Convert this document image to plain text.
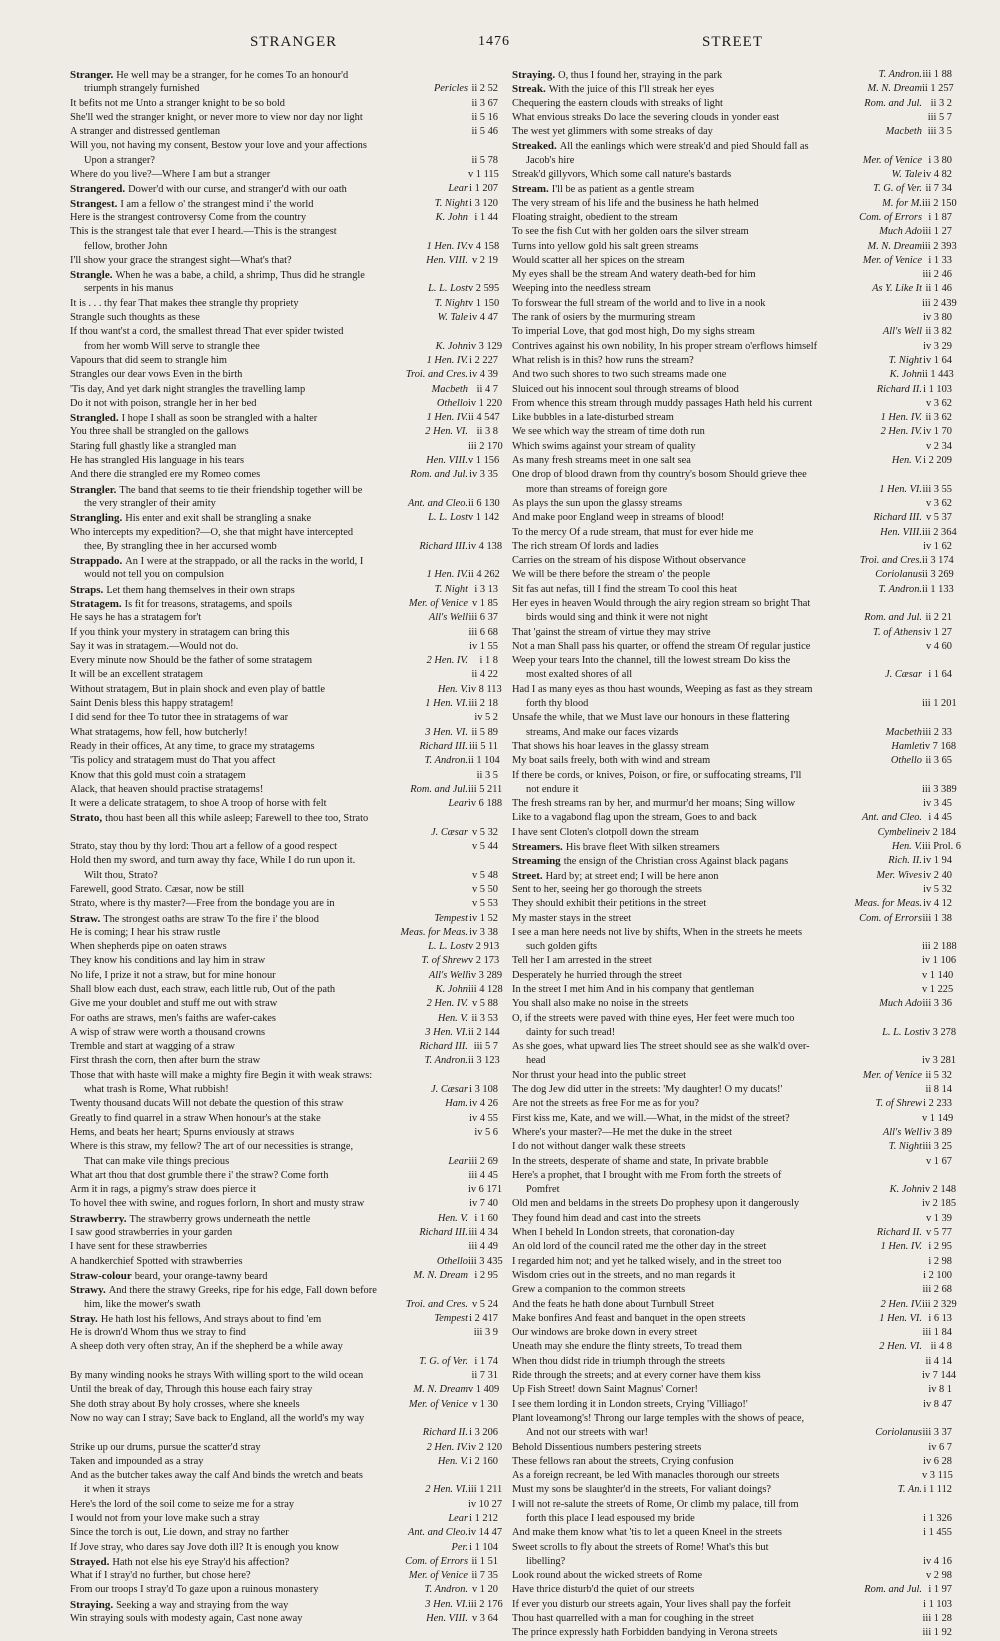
STRANGER	1476	STREET
Stranger. He well may be a stranger, for he comes To an honour'd
triumph strangely furnished	Pericles ii 2 52
It befits not me Unto a stranger knight to be so bold	ii 3 67
She'll wed the stranger knight, or never more to view nor day nor light	ii 5 16
A stranger and distressed gentleman	ii 5 46
Will you, not having my consent, Bestow your love and your affections
Upon a stranger?	ii 5 78
Where do you live?—Where I am but a stranger	v 1 115
Strangered. Dower'd with our curse, and stranger'd with our oath	Lear i 1 207
Strangest. I am a fellow o' the strangest mind i' the world	T. Night i 3 120
Here is the strangest controversy Come from the country	K. John i 1 44
This is the strangest tale that ever I heard.—This is the strangest
fellow, brother John	1 Hen. IV. v 4 158
I'll show your grace the strangest sight—What's that?	Hen. VIII. v 2 19
Strangle. When he was a babe, a child, a shrimp, Thus did he strangle
serpents in his manus	L. L. Lost v 2 595
It is . . . thy fear That makes thee strangle thy propriety	T. Night v 1 150
Strangle such thoughts as these	W. Tale iv 4 47
If thou want'st a cord, the smallest thread That ever spider twisted
from her womb Will serve to strangle thee	K. John iv 3 129
Vapours that did seem to strangle him	1 Hen. IV. i 2 227
Strangles our dear vows Even in the birth	Troi. and Cres. iv 4 39
'Tis day, And yet dark night strangles the travelling lamp	Macbeth ii 4 7
Do it not with poison, strangle her in her bed	Othello iv 1 220
Strangled. I hope I shall as soon be strangled with a halter	1 Hen. IV. ii 4 547
You three shall be strangled on the gallows	2 Hen. VI. ii 3 8
Staring full ghastly like a strangled man	iii 2 170
He has strangled His language in his tears	Hen. VIII. v 1 156
And there die strangled ere my Romeo comes	Rom. and Jul. iv 3 35
Strangler. The band that seems to tie their friendship together will be
the very strangler of their amity	Ant. and Cleo. ii 6 130
Strangling. His enter and exit shall be strangling a snake	L. L. Lost v 1 142
Who intercepts my expedition?—O, she that might have intercepted
thee, By strangling thee in her accursed womb	Richard III. iv 4 138
Strappado. An I were at the strappado, or all the racks in the world, I
would not tell you on compulsion	1 Hen. IV. ii 4 262
Straps. Let them hang themselves in their own straps	T. Night i 3 13
Stratagem. Is fit for treasons, stratagems, and spoils	Mer. of Venice v 1 85
He says he has a stratagem for't	All's Well iii 6 37
If you think your mystery in stratagem can bring this	iii 6 68
Say it was in stratagem.—Would not do.	iv 1 55
Every minute now Should be the father of some stratagem	2 Hen. IV.	i 1 8
It will be an excellent stratagem	ii 4 22
Without stratagem, But in plain shock and even play of battle	Hen. V. iv 8 113
Saint Denis bless this happy stratagem!	1 Hen. VI. iii 2 18
I did send for thee To tutor thee in stratagems of war	iv 5 2
What stratagems, how fell, how butcherly!	3 Hen. VI. ii 5 89
Ready in their offices, At any time, to grace my stratagems	Richard III. iii 5 11
'Tis policy and stratagem must do That you affect	T. Andron. ii 1 104
Know that this gold must coin a stratagem	ii 3 5
Alack, that heaven should practise stratagems!	Rom. and Jul. iii 5 211
It were a delicate stratagem, to shoe A troop of horse with felt	Lear iv 6 188
Strato, thou hast been all this while asleep; Farewell to thee too, Strato
J. Cæsar v 5 32
Strato, stay thou by thy lord: Thou art a fellow of a good respect	v 5 44
Hold then my sword, and turn away thy face, While I do run upon it.
Wilt thou, Strato?	v 5 48
Farewell, good Strato. Cæsar, now be still	v 5 50
Strato, where is thy master?—Free from the bondage you are in	v 5 53
Straw. The strongest oaths are straw To the fire i' the blood	Tempest iv 1 52
He is coming; I hear his straw rustle	Meas. for Meas. iv 3 38
When shepherds pipe on oaten straws	L. L. Lost v 2 913
They know his conditions and lay him in straw	T. of Shrew v 2 173
No life, I prize it not a straw, but for mine honour	All's Well iv 3 289
Shall blow each dust, each straw, each little rub, Out of the path	K. John iii 4 128
Give me your doublet and stuff me out with straw	2 Hen. IV. v 5 88
For oaths are straws, men's faiths are wafer-cakes	Hen. V. ii 3 53
A wisp of straw were worth a thousand crowns	3 Hen. VI. ii 2 144
Tremble and start at wagging of a straw	Richard III. iii 5 7
First thrash the corn, then after burn the straw	T. Andron. ii 3 123
Those that with haste will make a mighty fire Begin it with weak straws:
what trash is Rome, What rubbish!	J. Cæsar i 3 108
Twenty thousand ducats Will not debate the question of this straw	Ham. iv 4 26
Greatly to find quarrel in a straw When honour's at the stake	iv 4 55
Hems, and beats her heart; Spurns enviously at straws	iv 5 6
Where is this straw, my fellow? The art of our necessities is strange,
That can make vile things precious	Lear iii 2 69
What art thou that dost grumble there i' the straw? Come forth	iii 4 45
Arm it in rags, a pigmy's straw does pierce it	iv 6 171
To hovel thee with swine, and rogues forlorn, In short and musty straw	iv 7 40
Strawberry. The strawberry grows underneath the nettle	Hen. V. i 1 60
I saw good strawberries in your garden	Richard III. iii 4 34
I have sent for these strawberries	iii 4 49
A handkerchief Spotted with strawberries	Othello iii 3 435
Straw-colour beard, your orange-tawny beard	M. N. Dream i 2 95
Strawy. And there the strawy Greeks, ripe for his edge, Fall down before
him, like the mower's swath	Troi. and Cres. v 5 24
Stray. He hath lost his fellows, And strays about to find 'em	Tempest i 2 417
He is drown'd Whom thus we stray to find	iii 3 9
A sheep doth very often stray, An if the shepherd be a while away
T. G. of Ver. i 1 74
By many winding nooks he strays With willing sport to the wild ocean	ii 7 31
Until the break of day, Through this house each fairy stray	M. N. Dream v 1 409
She doth stray about By holy crosses, where she kneels	Mer. of Venice v 1 30
Now no way can I stray; Save back to England, all the world's my way
Richard II. i 3 206
Strike up our drums, pursue the scatter'd stray	2 Hen. IV. iv 2 120
Taken and impounded as a stray	Hen. V. i 2 160
And as the butcher takes away the calf And binds the wretch and beats
it when it strays	2 Hen. VI. iii 1 211
Here's the lord of the soil come to seize me for a stray	iv 10 27
I would not from your love make such a stray	Lear i 1 212
Since the torch is out, Lie down, and stray no farther	Ant. and Cleo. iv 14 47
If Jove stray, who dares say Jove doth ill? It is enough you know	Per. i 1 104
Strayed. Hath not else his eye Stray'd his affection?	Com. of Errors ii 1 51
What if I stray'd no further, but chose here?	Mer. of Venice ii 7 35
From our troops I stray'd To gaze upon a ruinous monastery	T. Andron. v 1 20
Straying. Seeking a way and straying from the way	3 Hen. VI. iii 2 176
Win straying souls with modesty again, Cast none away	Hen. VIII. v 3 64
Straying. O, thus I found her, straying in the park	T. Andron. iii 1 88
Streak. With the juice of this I'll streak her eyes	M. N. Dream ii 1 257
Chequering the eastern clouds with streaks of light	Rom. and Jul. ii 3 2
What envious streaks Do lace the severing clouds in yonder east	iii 5 7
The west yet glimmers with some streaks of day	Macbeth iii 3 5
Streaked. All the eanlings which were streak'd and pied Should fall as
Jacob's hire	Mer. of Venice i 3 80
Streak'd gillyvors, Which some call nature's bastards	W. Tale iv 4 82
Stream. I'll be as patient as a gentle stream	T. G. of Ver. ii 7 34
The very stream of his life and the business he hath helmed	M. for M. iii 2 150
Floating straight, obedient to the stream	Com. of Errors i 1 87
To see the fish Cut with her golden oars the silver stream	Much Ado iii 1 27
Turns into yellow gold his salt green streams	M. N. Dream iii 2 393
Would scatter all her spices on the stream	Mer. of Venice i 1 33
My eyes shall be the stream And watery death-bed for him	iii 2 46
Weeping into the needless stream	As Y. Like It ii 1 46
To forswear the full stream of the world and to live in a nook	iii 2 439
The rank of osiers by the murmuring stream	iv 3 80
To imperial Love, that god most high, Do my sighs stream	All's Well ii 3 82
Contrives against his own nobility, In his proper stream o'erflows himself	iv 3 29
What relish is in this? how runs the stream?	T. Night iv 1 64
And two such shores to two such streams made one	K. John ii 1 443
Sluiced out his innocent soul through streams of blood	Richard II. i 1 103
From whence this stream through muddy passages Hath held his current	v 3 62
Like bubbles in a late-disturbed stream	1 Hen. IV. ii 3 62
We see which way the stream of time doth run	2 Hen. IV. iv 1 70
Which swims against your stream of quality	v 2 34
As many fresh streams meet in one salt sea	Hen. V. i 2 209
One drop of blood drawn from thy country's bosom Should grieve thee
more than streams of foreign gore	1 Hen. VI. iii 3 55
As plays the sun upon the glassy streams	v 3 62
And make poor England weep in streams of blood!	Richard III. v 5 37
To the mercy Of a rude stream, that must for ever hide me	Hen. VIII. iii 2 364
The rich stream Of lords and ladies	iv 1 62
Carries on the stream of his dispose Without observance	Troi. and Cres. ii 3 174
We will be there before the stream o' the people	Coriolanus ii 3 269
Sit fas aut nefas, till I find the stream To cool this heat	T. Andron. ii 1 133
Her eyes in heaven Would through the airy region stream so bright That
birds would sing and think it were not night	Rom. and Jul. ii 2 21
That 'gainst the stream of virtue they may strive	T. of Athens iv 1 27
Not a man Shall pass his quarter, or offend the stream Of regular justice	v 4 60
Weep your tears Into the channel, till the lowest stream Do kiss the
most exalted shores of all	J. Cæsar i 1 64
Had I as many eyes as thou hast wounds, Weeping as fast as they stream
forth thy blood	iii 1 201
Unsafe the while, that we Must lave our honours in these flattering
streams, And make our faces vizards	Macbeth iii 2 33
That shows his hoar leaves in the glassy stream	Hamlet iv 7 168
My boat sails freely, both with wind and stream	Othello ii 3 65
If there be cords, or knives, Poison, or fire, or suffocating streams, I'll
not endure it	iii 3 389
The fresh streams ran by her, and murmur'd her moans; Sing willow	iv 3 45
Like to a vagabond flag upon the stream, Goes to and back	Ant. and Cleo. i 4 45
I have sent Cloten's clotpoll down the stream	Cymbeline iv 2 184
Streamers. His brave fleet With silken streamers	Hen. V. iii Prol. 6
Streaming the ensign of the Christian cross Against black pagans	Rich. II. iv 1 94
Street. Hard by; at street end; I will be here anon	Mer. Wives iv 2 40
Sent to her, seeing her go thorough the streets	iv 5 32
They should exhibit their petitions in the street	Meas. for Meas. iv 4 12
My master stays in the street	Com. of Errors iii 1 38
I see a man here needs not live by shifts, When in the streets he meets
such golden gifts	iii 2 188
Tell her I am arrested in the street	iv 1 106
Desperately he hurried through the street	v 1 140
In the street I met him And in his company that gentleman	v 1 225
You shall also make no noise in the streets	Much Ado iii 3 36
O, if the streets were paved with thine eyes, Her feet were much too
dainty for such tread!	L. L. Lost iv 3 278
As she goes, what upward lies The street should see as she walk'd over-
head	iv 3 281
Nor thrust your head into the public street	Mer. of Venice ii 5 32
The dog Jew did utter in the streets: 'My daughter! O my ducats!'	ii 8 14
Are not the streets as free For me as for you?	T. of Shrew i 2 233
First kiss me, Kate, and we will.—What, in the midst of the street?	v 1 149
Where's your master?—He met the duke in the street	All's Well iv 3 89
I do not without danger walk these streets	T. Night iii 3 25
In the streets, desperate of shame and state, In private brabble	v 1 67
Here's a prophet, that I brought with me From forth the streets of
Pomfret	K. John iv 2 148
Old men and beldams in the streets Do prophesy upon it dangerously	iv 2 185
They found him dead and cast into the streets	v 1 39
When I beheld In London streets, that coronation-day	Richard II. v 5 77
An old lord of the council rated me the other day in the street	1 Hen. IV. i 2 95
I regarded him not; and yet he talked wisely, and in the street too	i 2 98
Wisdom cries out in the streets, and no man regards it	i 2 100
Grew a companion to the common streets	iii 2 68
And the feats he hath done about Turnbull Street	2 Hen. IV. iii 2 329
Make bonfires And feast and banquet in the open streets	1 Hen. VI. i 6 13
Our windows are broke down in every street	iii 1 84
Uneath may she endure the flinty streets, To tread them	2 Hen. VI. ii 4 8
When thou didst ride in triumph through the streets	ii 4 14
Ride through the streets; and at every corner have them kiss	iv 7 144
Up Fish Street! down Saint Magnus' Corner!	iv 8 1
I see them lording it in London streets, Crying 'Villiago!'	iv 8 47
Plant loveamong's! Throng our large temples with the shows of peace,
And not our streets with war!	Coriolanus iii 3 37
Behold Dissentious numbers pestering streets	iv 6 7
These fellows ran about the streets, Crying confusion	iv 6 28
As a foreign recreant, be led With manacles thorough our streets	v 3 115
Must my sons be slaughter'd in the streets, For valiant doings?	T. An. i 1 112
I will not re-salute the streets of Rome, Or climb my palace, till from
forth this place I lead espoused my bride	i 1 326
And make them know what 'tis to let a queen Kneel in the streets	i 1 455
Sweet scrolls to fly about the streets of Rome! What's this but
libelling?	iv 4 16
Look round about the wicked streets of Rome	v 2 98
Have thrice disturb'd the quiet of our streets	Rom. and Jul. i 1 97
If ever you disturb our streets again, Your lives shall pay the forfeit	i 1 103
Thou hast quarrelled with a man for coughing in the street	iii 1 28
The prince expressly hath Forbidden bandying in Verona streets	iii 1 92
